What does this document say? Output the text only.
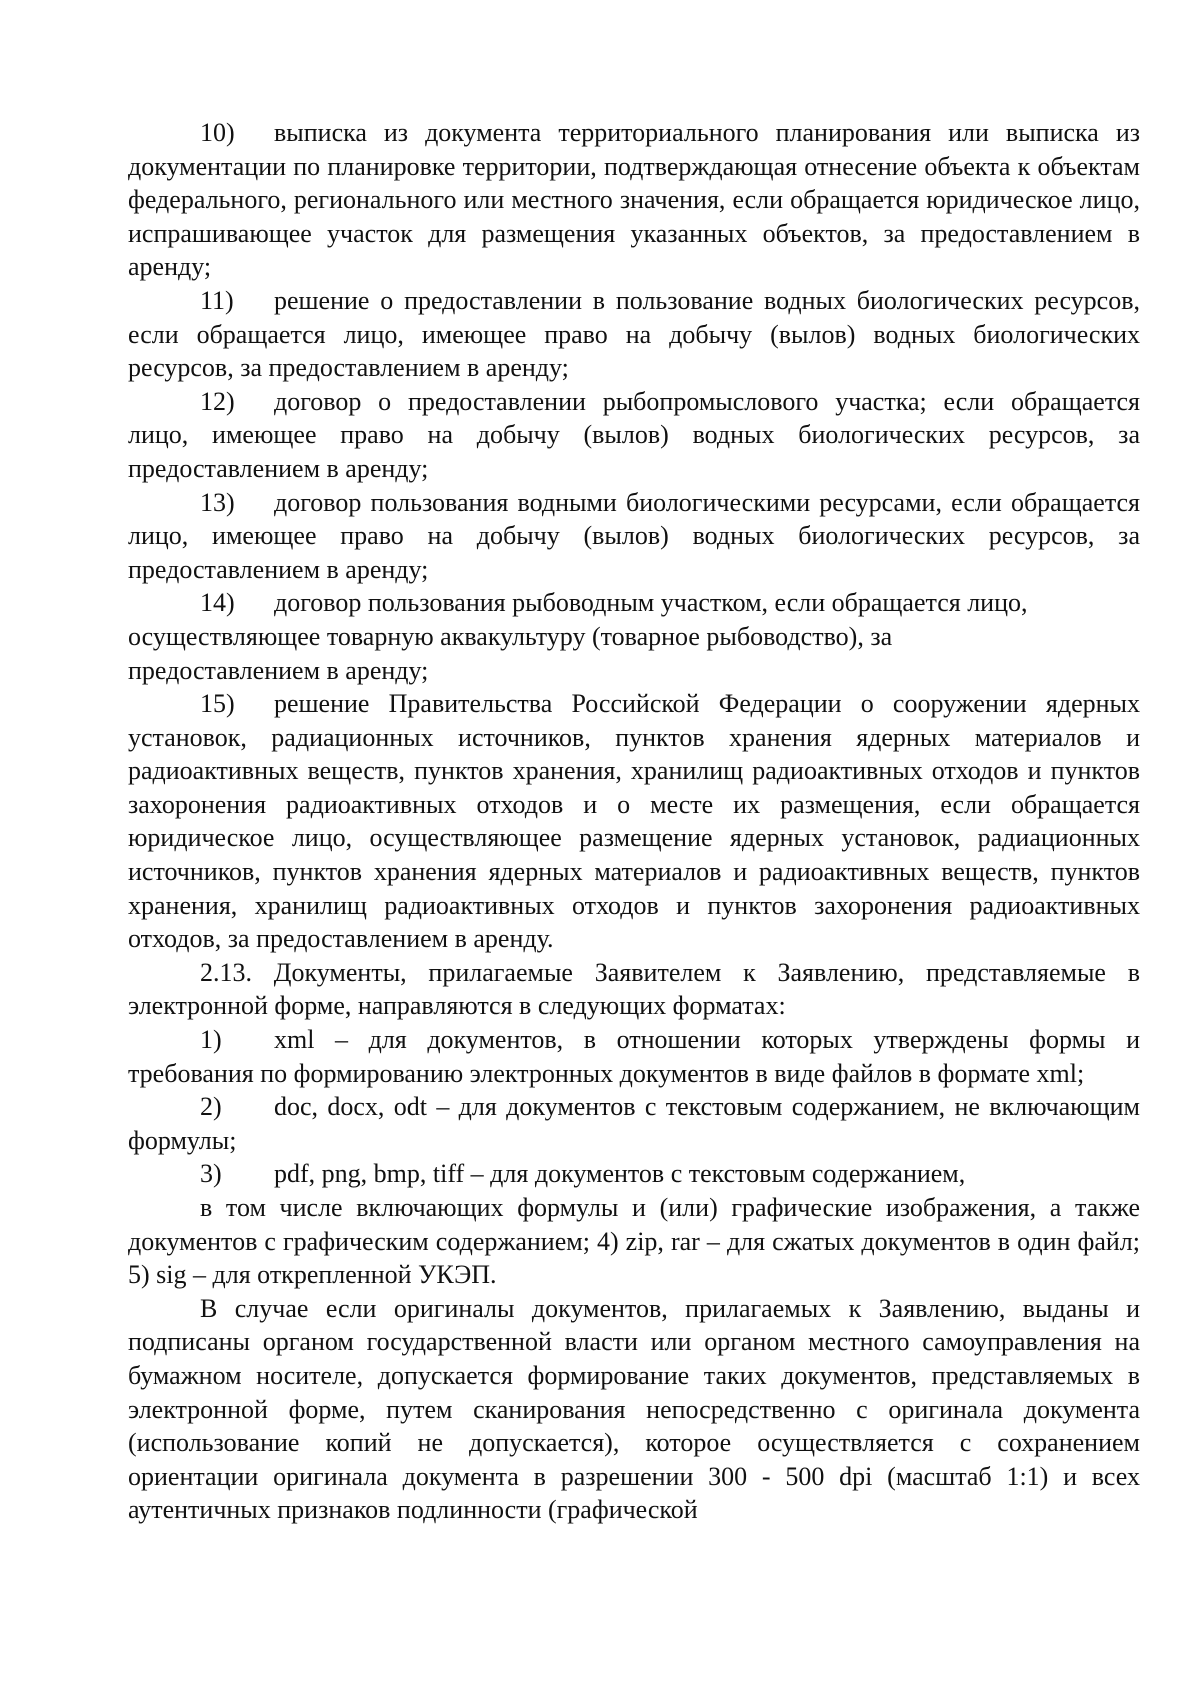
10) выписка из документа территориального планирования или выписка из документации по планировке территории, подтверждающая отнесение объекта к объектам федерального, регионального или местного значения, если обращается юридическое лицо, испрашивающее участок для размещения указанных объектов, за предоставлением в аренду;

11) решение о предоставлении в пользование водных биологических ресурсов, если обращается лицо, имеющее право на добычу (вылов) водных биологических ресурсов, за предоставлением в аренду;

12) договор о предоставлении рыбопромыслового участка; если обращается лицо, имеющее право на добычу (вылов) водных биологических ресурсов, за предоставлением в аренду;

13) договор пользования водными биологическими ресурсами, если обращается лицо, имеющее право на добычу (вылов) водных биологических ресурсов, за предоставлением в аренду;

14) договор пользования рыбоводным участком, если обращается лицо, осуществляющее товарную аквакультуру (товарное рыбоводство), за
предоставлением в аренду;

15) решение Правительства Российской Федерации о сооружении ядерных установок, радиационных источников, пунктов хранения ядерных материалов и радиоактивных веществ, пунктов хранения, хранилищ радиоактивных отходов и пунктов захоронения радиоактивных отходов и о месте их размещения, если обращается юридическое лицо, осуществляющее размещение ядерных установок, радиационных источников, пунктов хранения ядерных материалов и радиоактивных веществ, пунктов хранения, хранилищ радиоактивных отходов и пунктов захоронения радиоактивных отходов, за предоставлением в аренду.

2.13. Документы, прилагаемые Заявителем к Заявлению, представляемые в электронной форме, направляются в следующих форматах:

1) xml – для документов, в отношении которых утверждены формы и требования по формированию электронных документов в виде файлов в формате xml;

2) doc, docx, odt – для документов с текстовым содержанием, не включающим формулы;

3) pdf, png, bmp, tiff – для документов с текстовым содержанием,

в том числе включающих формулы и (или) графические изображения, а также документов с графическим содержанием; 4) zip, rar – для сжатых документов в один файл; 5) sig – для открепленной УКЭП.

В случае если оригиналы документов, прилагаемых к Заявлению, выданы и подписаны органом государственной власти или органом местного самоуправления на бумажном носителе, допускается формирование таких документов, представляемых в электронной форме, путем сканирования непосредственно с оригинала документа (использование копий не допускается), которое осуществляется с сохранением ориентации оригинала документа в разрешении 300 - 500 dpi (масштаб 1:1) и всех аутентичных признаков подлинности (графической
